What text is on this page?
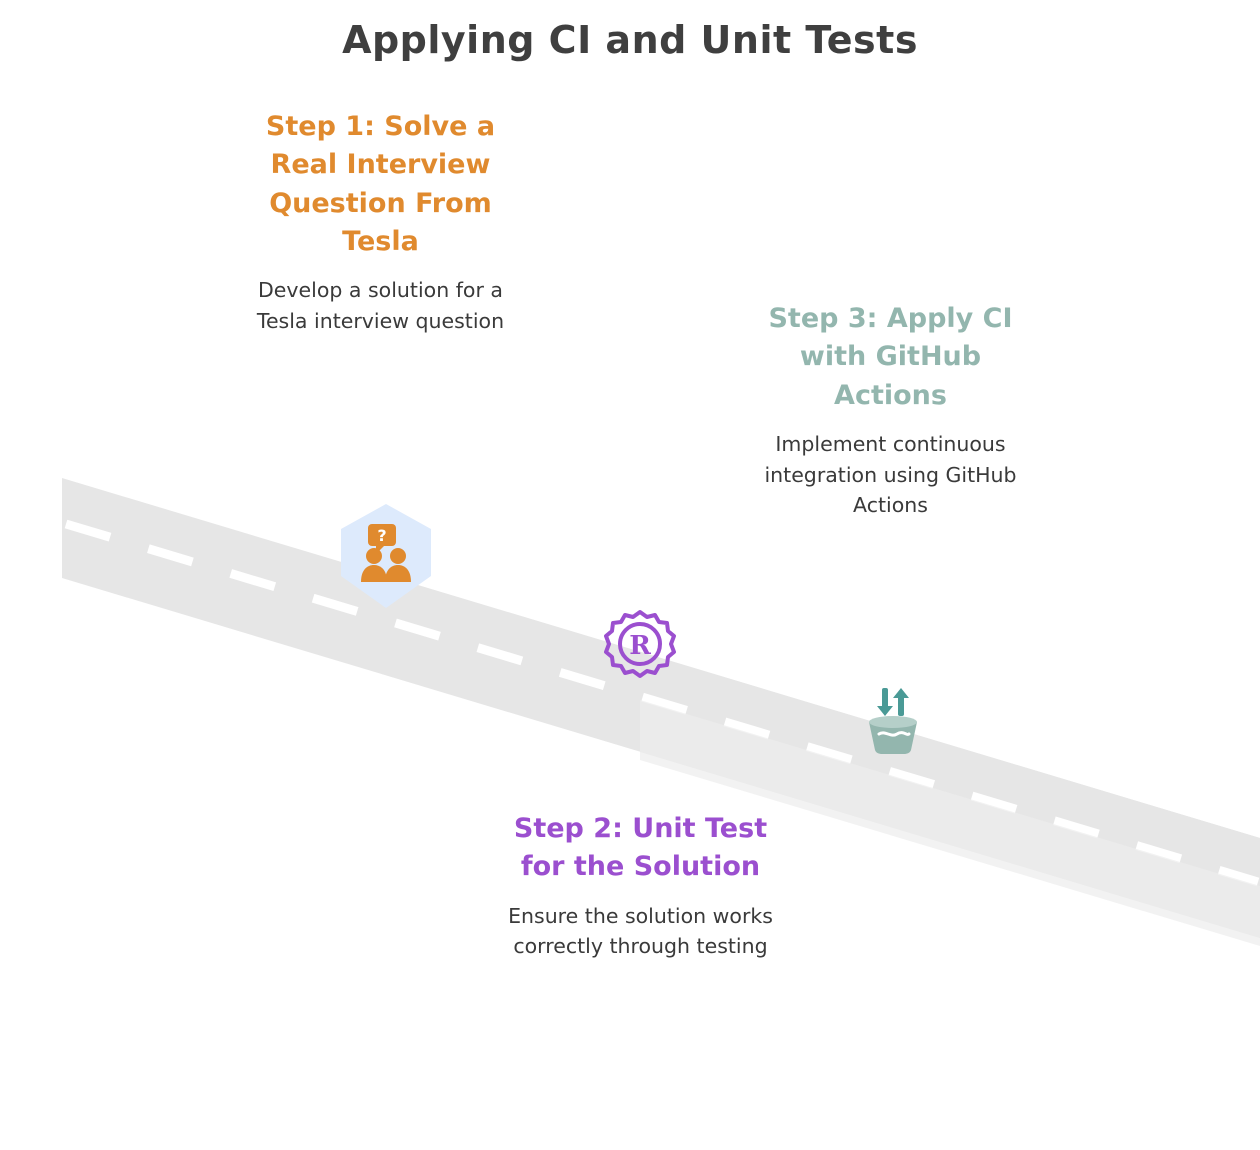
Applying CI and Unit Tests

Step 1: Solve a Real Interview Question From Tesla

Develop a solution for a Tesla interview question

Step 2: Unit Test for the Solution

Ensure the solution works correctly through testing

Step 3: Apply CI with GitHub Actions

Implement continuous integration using GitHub Actions

?
R
